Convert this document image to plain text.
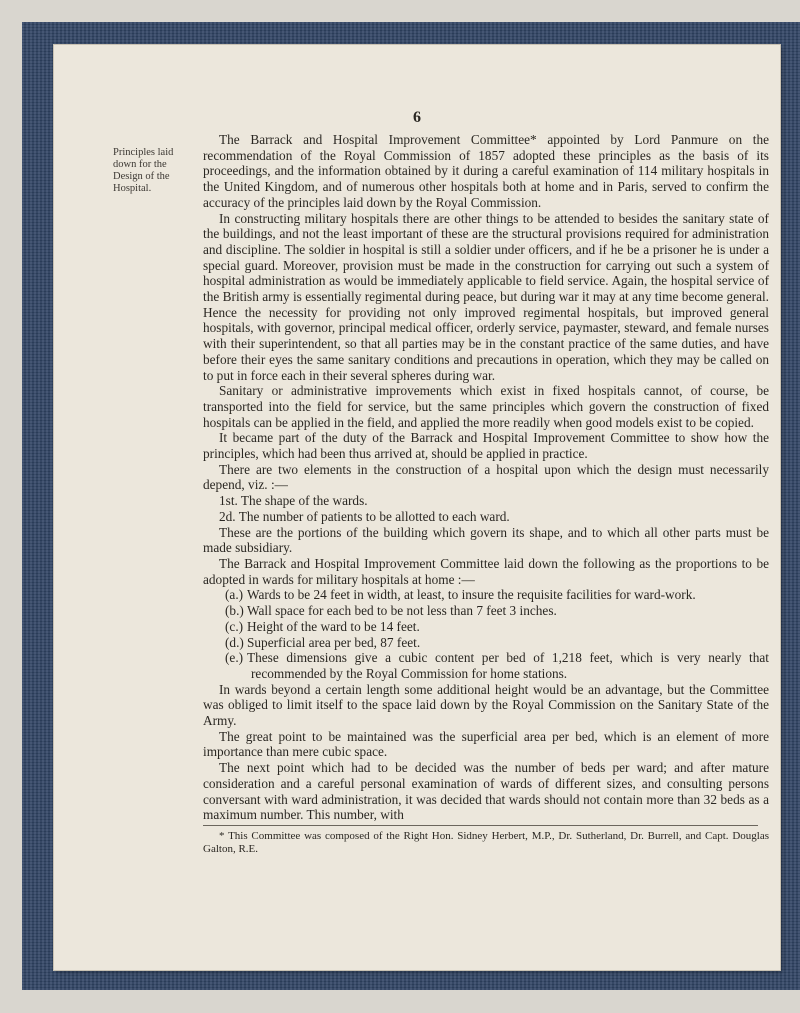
6
Principles laid
down for the
Design of the
Hospital.

The Barrack and Hospital Improvement Committee* appointed by Lord Panmure on the recommendation of the Royal Commission of 1857 adopted these principles as the basis of its proceedings, and the information obtained by it during a careful examination of 114 military hospitals in the United Kingdom, and of numerous other hospitals both at home and in Paris, served to confirm the accuracy of the principles laid down by the Royal Commission.

In constructing military hospitals there are other things to be attended to besides the sanitary state of the buildings, and not the least important of these are the structural provisions required for administration and discipline. The soldier in hospital is still a soldier under officers, and if he be a prisoner he is under a special guard. Moreover, provision must be made in the construction for carrying out such a system of hospital administration as would be immediately applicable to field service. Again, the hospital service of the British army is essentially regimental during peace, but during war it may at any time become general. Hence the necessity for providing not only improved regimental hospitals, but improved general hospitals, with governor, principal medical officer, orderly service, paymaster, steward, and female nurses with their superintendent, so that all parties may be in the constant practice of the same duties, and have before their eyes the same sanitary conditions and precautions in operation, which they may be called on to put in force each in their several spheres during war.

Sanitary or administrative improvements which exist in fixed hospitals cannot, of course, be transported into the field for service, but the same principles which govern the construction of fixed hospitals can be applied in the field, and applied the more readily when good models exist to be copied.

It became part of the duty of the Barrack and Hospital Improvement Committee to show how the principles, which had been thus arrived at, should be applied in practice.

There are two elements in the construction of a hospital upon which the design must necessarily depend, viz. :—

1st. The shape of the wards.

2d. The number of patients to be allotted to each ward.

These are the portions of the building which govern its shape, and to which all other parts must be made subsidiary.

The Barrack and Hospital Improvement Committee laid down the following as the proportions to be adopted in wards for military hospitals at home :—

(a.) Wards to be 24 feet in width, at least, to insure the requisite facilities for ward-work.
(b.) Wall space for each bed to be not less than 7 feet 3 inches.
(c.) Height of the ward to be 14 feet.
(d.) Superficial area per bed, 87 feet.
(e.) These dimensions give a cubic content per bed of 1,218 feet, which is very nearly that recommended by the Royal Commission for home stations.

In wards beyond a certain length some additional height would be an advantage, but the Committee was obliged to limit itself to the space laid down by the Royal Commission on the Sanitary State of the Army.

The great point to be maintained was the superficial area per bed, which is an element of more importance than mere cubic space.

The next point which had to be decided was the number of beds per ward; and after mature consideration and a careful personal examination of wards of different sizes, and consulting persons conversant with ward administration, it was decided that wards should not contain more than 32 beds as a maximum number. This number, with

* This Committee was composed of the Right Hon. Sidney Herbert, M.P., Dr. Sutherland, Dr. Burrell, and Capt. Douglas Galton, R.E.
